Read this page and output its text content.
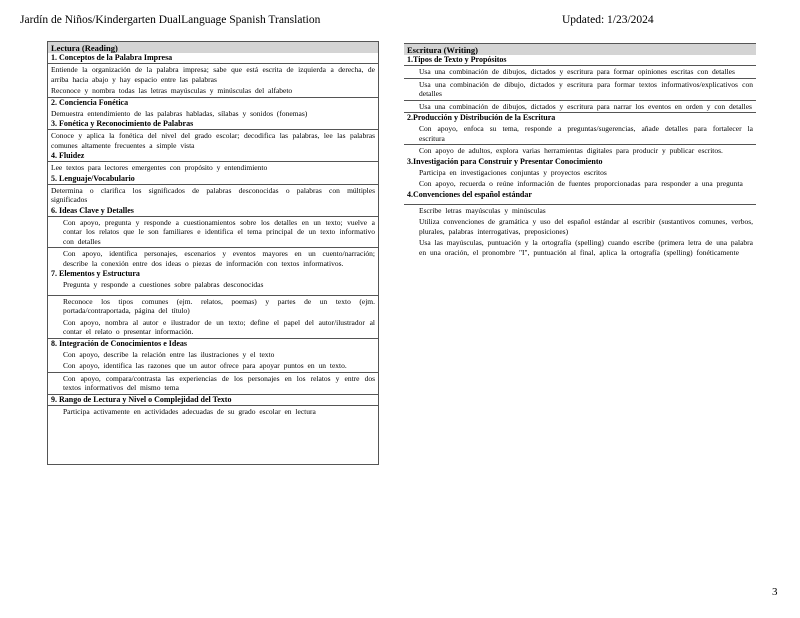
Jardín de Niños/Kindergarten DualLanguage Spanish Translation	Updated: 1/23/2024
Lectura (Reading)
1. Conceptos de la Palabra Impresa
Entiende la organización de la palabra impresa; sabe que está escrita de izquierda a derecha, de arriba hacia abajo y hay espacio entre las palabras
Reconoce y nombra todas las letras mayúsculas y minúsculas del alfabeto
2. Conciencia Fonética
Demuestra entendimiento de las palabras habladas, sílabas y sonidos (fonemas)
3. Fonética y Reconocimiento de Palabras
Conoce y aplica la fonética del nivel del grado escolar; decodifica las palabras, lee las palabras comunes altamente frecuentes a simple vista
4. Fluidez
Lee textos para lectores emergentes con propósito y entendimiento
5. Lenguaje/Vocabulario
Determina o clarifica los significados de palabras desconocidas o palabras con múltiples significados
6. Ideas Clave y Detalles
Con apoyo, pregunta y responde a cuestionamientos sobre los detalles en un texto; vuelve a contar los relatos que le son familiares e identifica el tema principal de un texto informativo con detalles
Con apoyo, identifica personajes, escenarios y eventos mayores en un cuento/narración; describe la conexión entre dos ideas o piezas de información con textos informativos.
7. Elementos y Estructura
Pregunta y responde a cuestiones sobre palabras desconocidas
Reconoce los tipos comunes (ejm. relatos, poemas) y partes de un texto (ejm. portada/contraportada, página del título)
Con apoyo, nombra al autor e ilustrador de un texto; define el papel del autor/ilustrador al contar el relato o presentar información.
8. Integración de Conocimientos e Ideas
Con apoyo, describe la relación entre las ilustraciones y el texto
Con apoyo, identifica las razones que un autor ofrece para apoyar puntos en un texto.
Con apoyo, compara/contrasta las experiencias de los personajes en los relatos y entre dos textos informativos del mismo tema
9. Rango de Lectura y Nivel o Complejidad del Texto
Participa activamente en actividades adecuadas de su grado escolar en lectura
Escritura (Writing)
1.Tipos de Texto y Propósitos
Usa una combinación de dibujos, dictados y escritura para formar opiniones escritas con detalles
Usa una combinación de dibujo, dictados y escritura para formar textos informativos/explicativos con detalles
Usa una combinación de dibujos, dictados y escritura para narrar los eventos en orden y con detalles
2.Producción y Distribución de la Escritura
Con apoyo, enfoca su tema, responde a preguntas/sugerencias, añade detalles para fortalecer la escritura
Con apoyo de adultos, explora varias herramientas digitales para producir y publicar escritos.
3.Investigación para Construir y Presentar Conocimiento
Participa en investigaciones conjuntas y proyectos escritos
Con apoyo, recuerda o reúne información de fuentes proporcionadas para responder a una pregunta
4.Convenciones del español estándar
Escribe letras mayúsculas y minúsculas
Utiliza convenciones de gramática y uso del español estándar al escribir (sustantivos comunes, verbos, plurales, palabras interrogativas, preposiciones)
Usa las mayúsculas, puntuación y la ortografía (spelling) cuando escribe (primera letra de una palabra en una oración, el pronombre "I", puntuación al final, aplica la ortografía (spelling) fonéticamente
3
